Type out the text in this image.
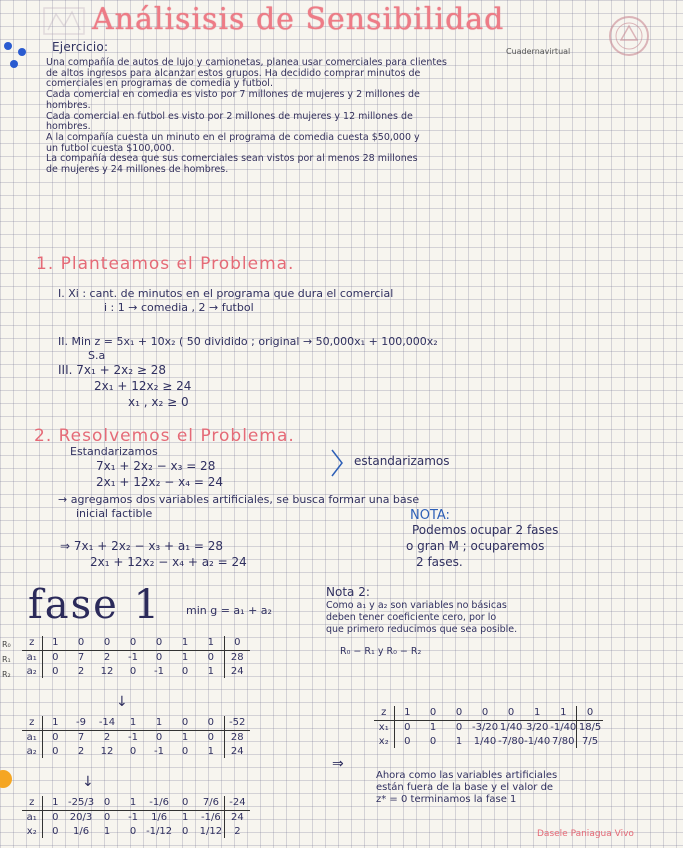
Análisisis de Sensibilidad
Cuadernavirtual
Ejercicio:

Una compañía de autos de lujo y camionetas, planea usar comerciales para clientes

de altos ingresos para alcanzar estos grupos. Ha decidido comprar minutos de

comerciales en programas de comedia y futbol.

Cada comercial en comedia es visto por 7 millones de mujeres y 2 millones de

hombres.

Cada comercial en futbol es visto por 2 millones de mujeres y 12 millones de

hombres.

A la compañía cuesta un minuto en el programa de comedia cuesta $50,000 y

un futbol cuesta $100,000.

La compañía desea que sus comerciales sean vistos por al menos 28 millones

de mujeres y 24 millones de hombres.

1. Planteamos el Problema.
I. Xi : cant. de minutos en el programa que dura el comercial
i : 1 → comedia , 2 → futbol
II. Min z = 5x₁ + 10x₂ ( 50 dividido ; original → 50,000x₁ + 100,000x₂
S.a
III. 7x₁ + 2x₂ ≥ 28
2x₁ + 12x₂ ≥ 24
x₁ , x₂ ≥ 0
2. Resolvemos el Problema.
Estandarizamos
7x₁ + 2x₂ − x₃ = 28
2x₁ + 12x₂ − x₄ = 24
estandarizamos
→ agregamos dos variables artificiales, se busca formar una base
inicial factible
⇒ 7x₁ + 2x₂ − x₃ + a₁ = 28
2x₁ + 12x₂ − x₄ + a₂ = 24
NOTA:
Podemos ocupar 2 fases
o gran M ; ocuparemos
2 fases.
fase 1 min g = a₁ + a₂
Nota 2:
Como a₁ y a₂ son variables no básicas
deben tener coeficiente cero, por lo
que primero reducimos que sea posible.
R₀ − R₁ y R₀ − R₂
R₀
R₁
R₂
z	1	0	0	0	0	1	1	0
a₁	0	7	2	-1	0	1	0	28
a₂	0	2	12	0	-1	0	1	24
↓
z	1	-9	-14	1	1	0	0	-52
a₁	0	7	2	-1	0	1	0	28
a₂	0	2	12	0	-1	0	1	24
↓
z	1	-25/3	0	1	-1/6	0	7/6	-24
a₁	0	20/3	0	-1	1/6	1	-1/6	24
x₂	0	1/6	1	0	-1/12	0	1/12	2
⇒
z	1	0	0	0	0	1	1	0
x₁	0	1	0	-3/20	1/40	3/20	-1/40	18/5
x₂	0	0	1	1/40	-7/80	-1/40	7/80	7/5
Ahora como las variables artificiales
están fuera de la base y el valor de
z* = 0 terminamos la fase 1
Dasele Paniagua Vivo
